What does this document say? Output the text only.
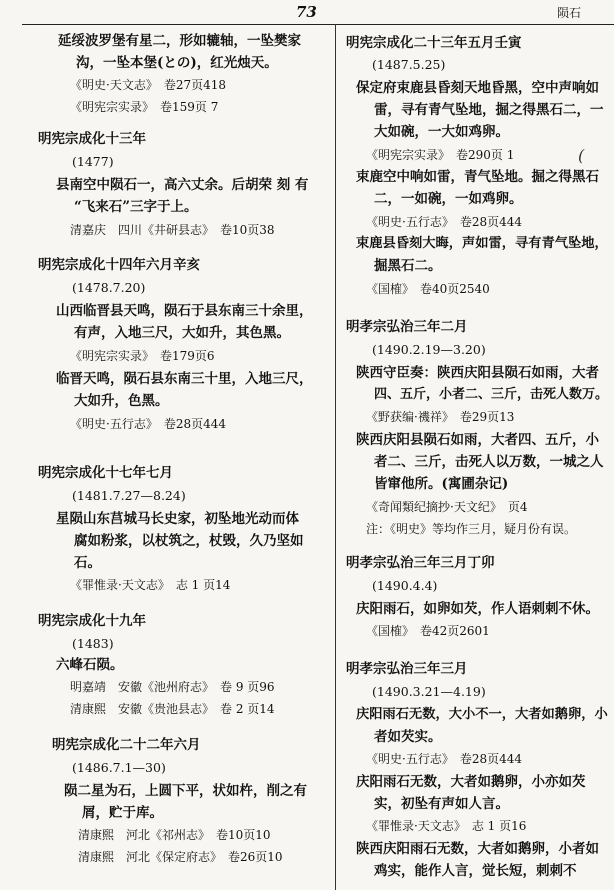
73	陨石
(
延绥波罗堡有星二，形如辘轴，一坠樊家
沟，一坠本堡(との)，红光烛天。
《明史·天文志》　卷27页418
《明宪宗实录》　卷159页 7
明宪宗成化十三年
(1477)
县南空中陨石一，高六丈余。后胡荣 刻 有
“飞来石”三字于上。
清嘉庆　四川《井研县志》　卷10页38
明宪宗成化十四年六月辛亥
(1478.7.20)
山西临晋县天鸣，陨石于县东南三十余里，
有声，入地三尺，大如升，其色黑。
《明宪宗实录》　卷179页6
临晋天鸣，陨石县东南三十里，入地三尺，
大如升，色黑。
《明史·五行志》　卷28页444
明宪宗成化十七年七月
(1481.7.27—8.24)
星陨山东莒城马长史家，初坠地光动而体
腐如粉浆，以杖筑之，杖毁，久乃坚如
石。
《罪惟录·天文志》　志 1 页14
明宪宗成化十九年
(1483)
六峰石陨。
明嘉靖　安徽《池州府志》　卷 9 页96
清康熙　安徽《贵池县志》　卷 2 页14
明宪宗成化二十二年六月
(1486.7.1—30)
陨二星为石，上圆下平，状如杵，削之有
屑，贮于库。
清康熙　河北《祁州志》　卷10页10
清康熙　河北《保定府志》　卷26页10
明宪宗成化二十三年五月壬寅
(1487.5.25)
保定府束鹿县昏刻天地昏黑，空中声响如
雷，寻有青气坠地，掘之得黑石二，一
大如碗，一大如鸡卵。
《明宪宗实录》　卷290页 1
束鹿空中响如雷，青气坠地。掘之得黑石
二，一如碗，一如鸡卵。
《明史·五行志》　卷28页444
束鹿县昏刻大晦，声如雷，寻有青气坠地，
掘黑石二。
《国榷》　卷40页2540
明孝宗弘治三年二月
(1490.2.19—3.20)
陕西守臣奏：陕西庆阳县陨石如雨，大者
四、五斤，小者二、三斤，击死人数万。
《野获编·禨祥》　卷29页13
陕西庆阳县陨石如雨，大者四、五斤，小
者二、三斤，击死人以万数，一城之人
皆窜他所。(寓圃杂记)
《奇闻類纪摘抄·天文纪》　页4
注：《明史》等均作三月，疑月份有误。
明孝宗弘治三年三月丁卯
(1490.4.4)
庆阳雨石，如卵如芡，作人语刺刺不休。
《国榷》　卷42页2601
明孝宗弘治三年三月
(1490.3.21—4.19)
庆阳雨石无数，大小不一，大者如鹅卵，小
者如芡实。
《明史·五行志》　卷28页444
庆阳雨石无数，大者如鹅卵，小亦如芡
实，初坠有声如人言。
《罪惟录·天文志》　志 1 页16
陕西庆阳雨石无数，大者如鹅卵，小者如
鸡实，能作人言，觉长短，刺刺不
